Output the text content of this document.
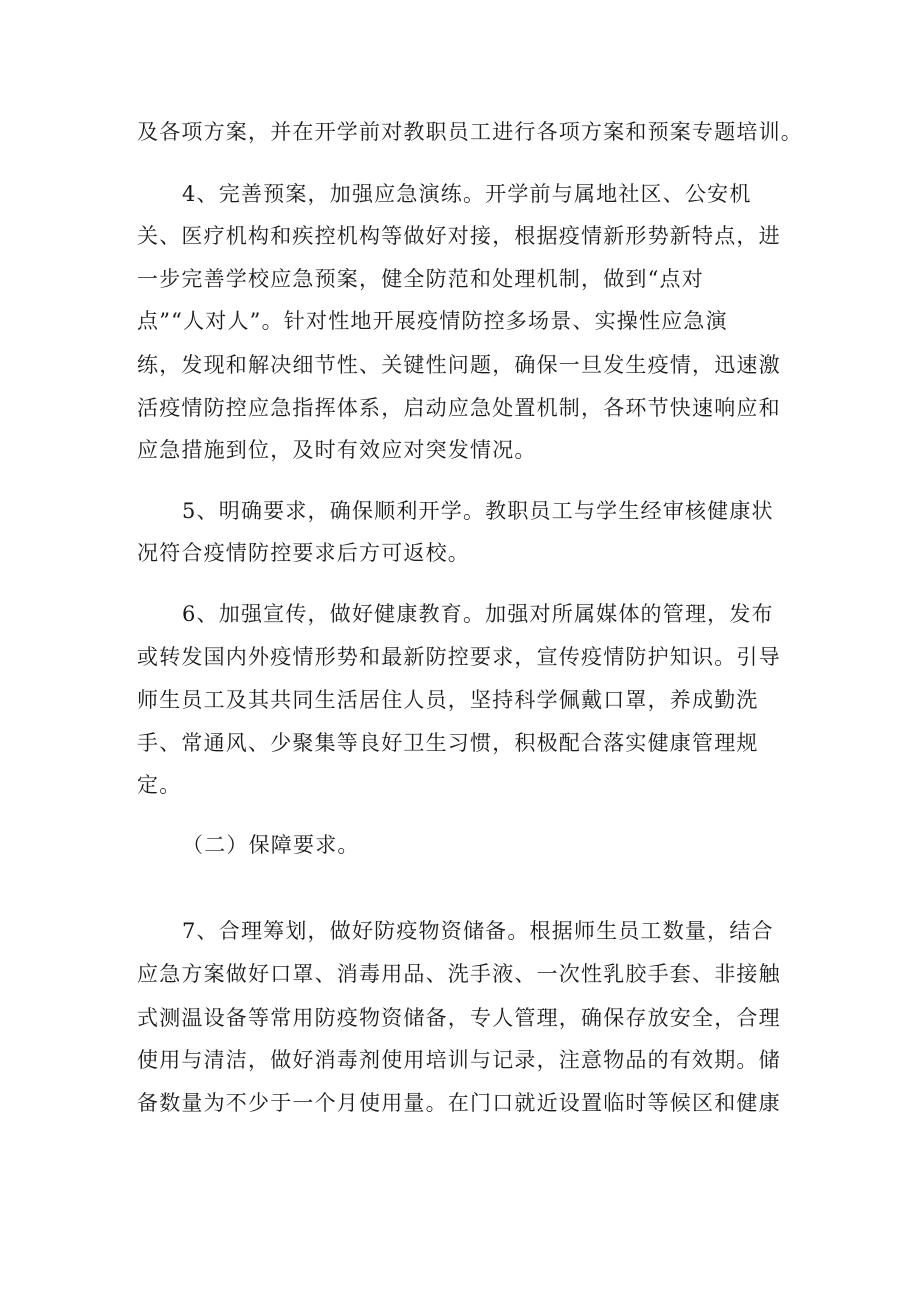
及各项方案，并在开学前对教职员工进行各项方案和预案专题培训。
4、完善预案，加强应急演练。开学前与属地社区、公安机
关、医疗机构和疾控机构等做好对接，根据疫情新形势新特点，进
一步完善学校应急预案，健全防范和处理机制，做到“点对
点”“人对人”。针对性地开展疫情防控多场景、实操性应急演
练，发现和解决细节性、关键性问题，确保一旦发生疫情，迅速激
活疫情防控应急指挥体系，启动应急处置机制，各环节快速响应和
应急措施到位，及时有效应对突发情况。
5、明确要求，确保顺利开学。教职员工与学生经审核健康状
况符合疫情防控要求后方可返校。
6、加强宣传，做好健康教育。加强对所属媒体的管理，发布
或转发国内外疫情形势和最新防控要求，宣传疫情防护知识。引导
师生员工及其共同生活居住人员，坚持科学佩戴口罩，养成勤洗
手、常通风、少聚集等良好卫生习惯，积极配合落实健康管理规
定。
（二）保障要求。
7、合理筹划，做好防疫物资储备。根据师生员工数量，结合
应急方案做好口罩、消毒用品、洗手液、一次性乳胶手套、非接触
式测温设备等常用防疫物资储备，专人管理，确保存放安全，合理
使用与清洁，做好消毒剂使用培训与记录，注意物品的有效期。储
备数量为不少于一个月使用量。在门口就近设置临时等候区和健康
